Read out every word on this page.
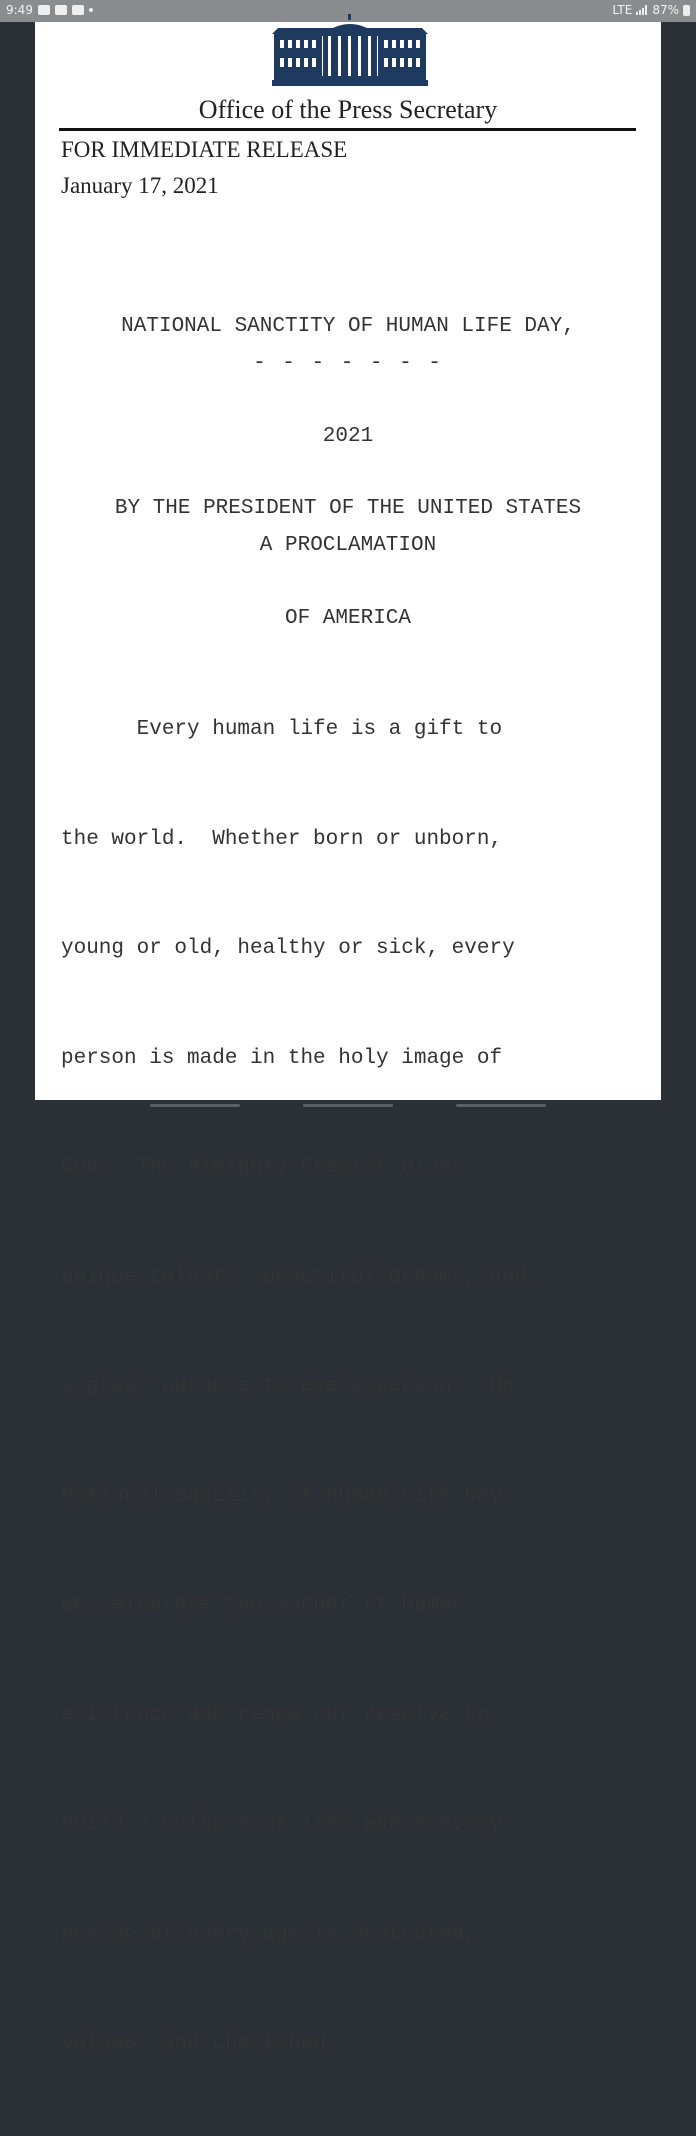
9:49	LTE 87%
Office of the Press Secretary
FOR IMMEDIATE RELEASE
January 17, 2021

NATIONAL SANCTITY OF HUMAN LIFE DAY,

2021

- - - - - - -

BY THE PRESIDENT OF THE UNITED STATES

OF AMERICA

A PROCLAMATION

Every human life is a gift to

the world.  Whether born or unborn,

young or old, healthy or sick, every

person is made in the holy image of

God.  The Almighty Creator gives

unique talents, beautiful dreams, and

a great purpose to every person.  On

National Sanctity of Human Life Day,

we celebrate the wonder of human

existence and renew our resolve to

build a culture of life where every

person of every age is protected,

valued, and cherished.
